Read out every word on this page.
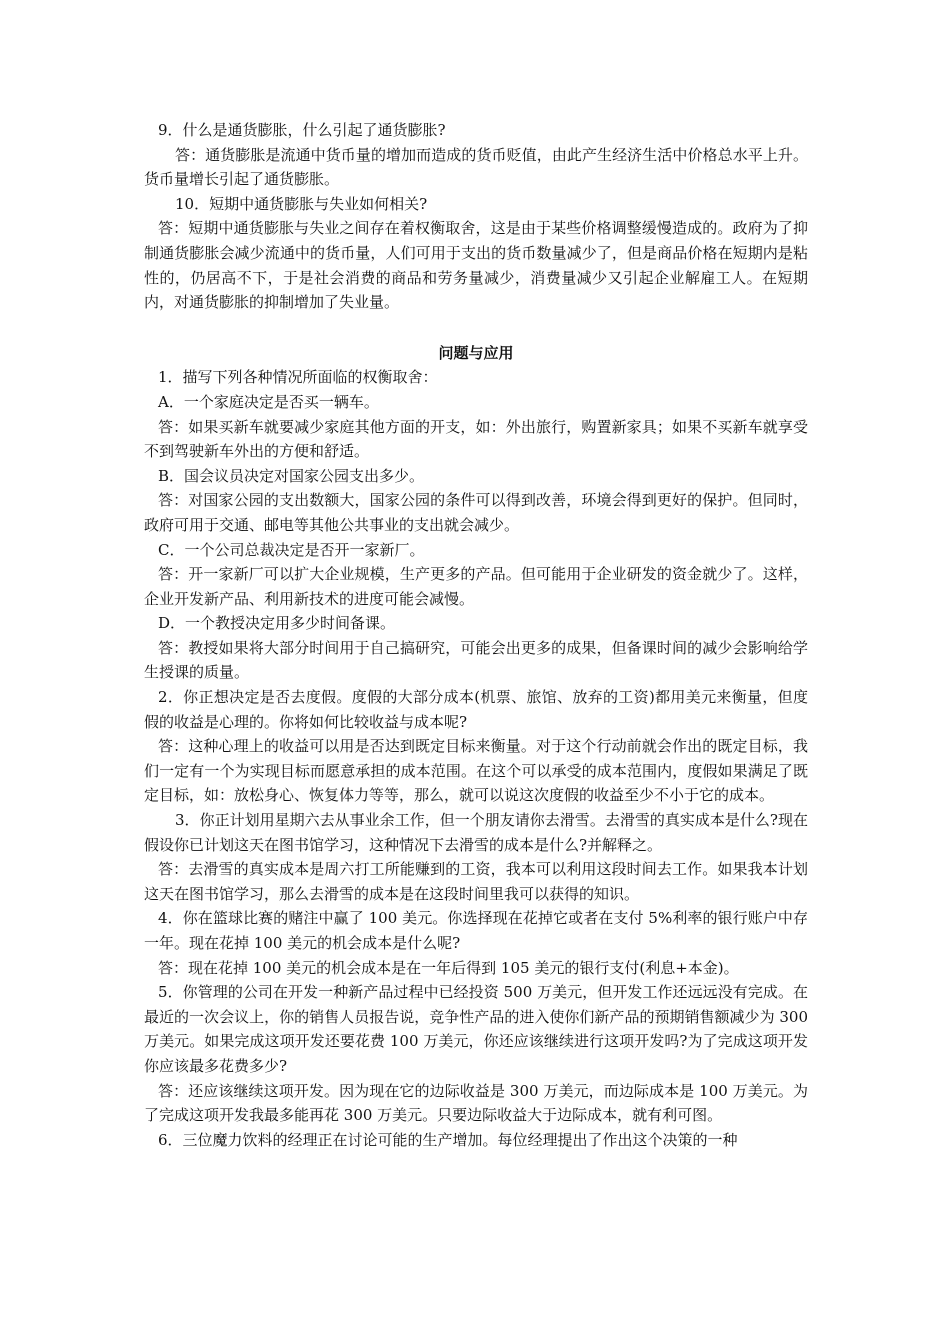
9．什么是通货膨胀，什么引起了通货膨胀?

答：通货膨胀是流通中货币量的增加而造成的货币贬值，由此产生经济生活中价格总水平上升。货币量增长引起了通货膨胀。

10．短期中通货膨胀与失业如何相关?

答：短期中通货膨胀与失业之间存在着权衡取舍，这是由于某些价格调整缓慢造成的。政府为了抑制通货膨胀会减少流通中的货币量，人们可用于支出的货币数量减少了，但是商品价格在短期内是粘性的，仍居高不下，于是社会消费的商品和劳务量减少，消费量减少又引起企业解雇工人。在短期内，对通货膨胀的抑制增加了失业量。

问题与应用

1．描写下列各种情况所面临的权衡取舍：

A．一个家庭决定是否买一辆车。

答：如果买新车就要减少家庭其他方面的开支，如：外出旅行，购置新家具；如果不买新车就享受不到驾驶新车外出的方便和舒适。

B．国会议员决定对国家公园支出多少。

答：对国家公园的支出数额大，国家公园的条件可以得到改善，环境会得到更好的保护。但同时，政府可用于交通、邮电等其他公共事业的支出就会减少。

C．一个公司总裁决定是否开一家新厂。

答：开一家新厂可以扩大企业规模，生产更多的产品。但可能用于企业研发的资金就少了。这样，企业开发新产品、利用新技术的进度可能会减慢。

D．一个教授决定用多少时间备课。

答：教授如果将大部分时间用于自己搞研究，可能会出更多的成果，但备课时间的减少会影响给学生授课的质量。

2．你正想决定是否去度假。度假的大部分成本(机票、旅馆、放弃的工资)都用美元来衡量，但度假的收益是心理的。你将如何比较收益与成本呢?

答：这种心理上的收益可以用是否达到既定目标来衡量。对于这个行动前就会作出的既定目标，我们一定有一个为实现目标而愿意承担的成本范围。在这个可以承受的成本范围内，度假如果满足了既定目标，如：放松身心、恢复体力等等，那么，就可以说这次度假的收益至少不小于它的成本。

3．你正计划用星期六去从事业余工作，但一个朋友请你去滑雪。去滑雪的真实成本是什么?现在假设你已计划这天在图书馆学习，这种情况下去滑雪的成本是什么?并解释之。

答：去滑雪的真实成本是周六打工所能赚到的工资，我本可以利用这段时间去工作。如果我本计划这天在图书馆学习，那么去滑雪的成本是在这段时间里我可以获得的知识。

4．你在篮球比赛的赌注中赢了 100 美元。你选择现在花掉它或者在支付 5%利率的银行账户中存一年。现在花掉 100 美元的机会成本是什么呢?

答：现在花掉 100 美元的机会成本是在一年后得到 105 美元的银行支付(利息+本金)。

5．你管理的公司在开发一种新产品过程中已经投资 500 万美元，但开发工作还远远没有完成。在最近的一次会议上，你的销售人员报告说，竞争性产品的进入使你们新产品的预期销售额减少为 300 万美元。如果完成这项开发还要花费 100 万美元，你还应该继续进行这项开发吗?为了完成这项开发你应该最多花费多少?

答：还应该继续这项开发。因为现在它的边际收益是 300 万美元，而边际成本是 100 万美元。为了完成这项开发我最多能再花 300 万美元。只要边际收益大于边际成本，就有利可图。

6．三位魔力饮料的经理正在讨论可能的生产增加。每位经理提出了作出这个决策的一种
